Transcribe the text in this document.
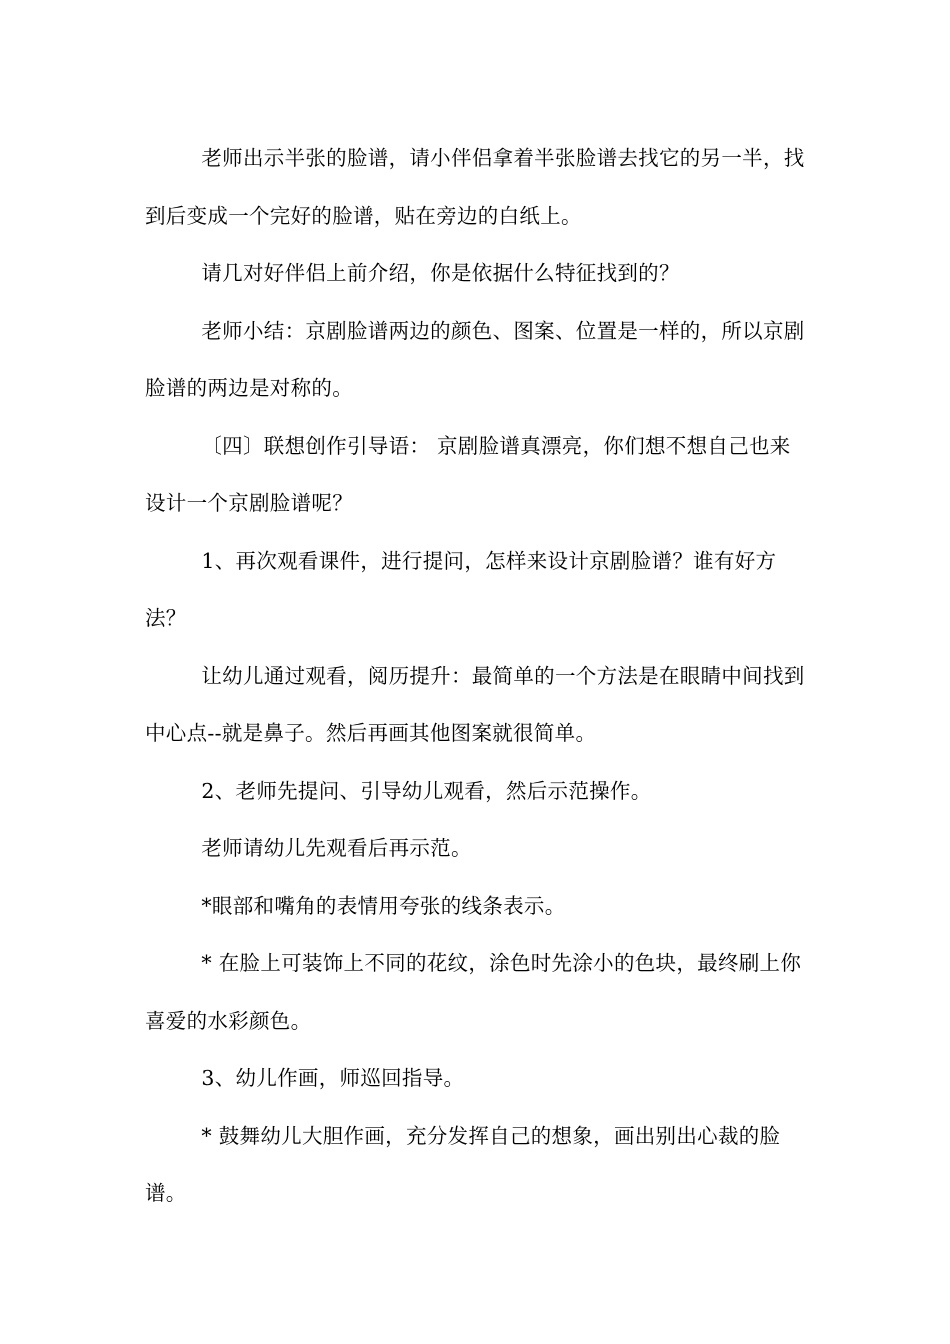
老师出示半张的脸谱，请小伴侣拿着半张脸谱去找它的另一半，找到后变成一个完好的脸谱，贴在旁边的白纸上。

请几对好伴侣上前介绍，你是依据什么特征找到的？

老师小结：京剧脸谱两边的颜色、图案、位置是一样的，所以京剧脸谱的两边是对称的。

〔四〕联想创作引导语： 京剧脸谱真漂亮，你们想不想自己也来设计一个京剧脸谱呢？

1、再次观看课件，进行提问，怎样来设计京剧脸谱？谁有好方法？

让幼儿通过观看，阅历提升：最简单的一个方法是在眼睛中间找到中心点--就是鼻子。然后再画其他图案就很简单。

2、老师先提问、引导幼儿观看，然后示范操作。

老师请幼儿先观看后再示范。

*眼部和嘴角的表情用夸张的线条表示。

* 在脸上可装饰上不同的花纹，涂色时先涂小的色块，最终刷上你喜爱的水彩颜色。

3、幼儿作画，师巡回指导。

* 鼓舞幼儿大胆作画，充分发挥自己的想象，画出别出心裁的脸谱。
